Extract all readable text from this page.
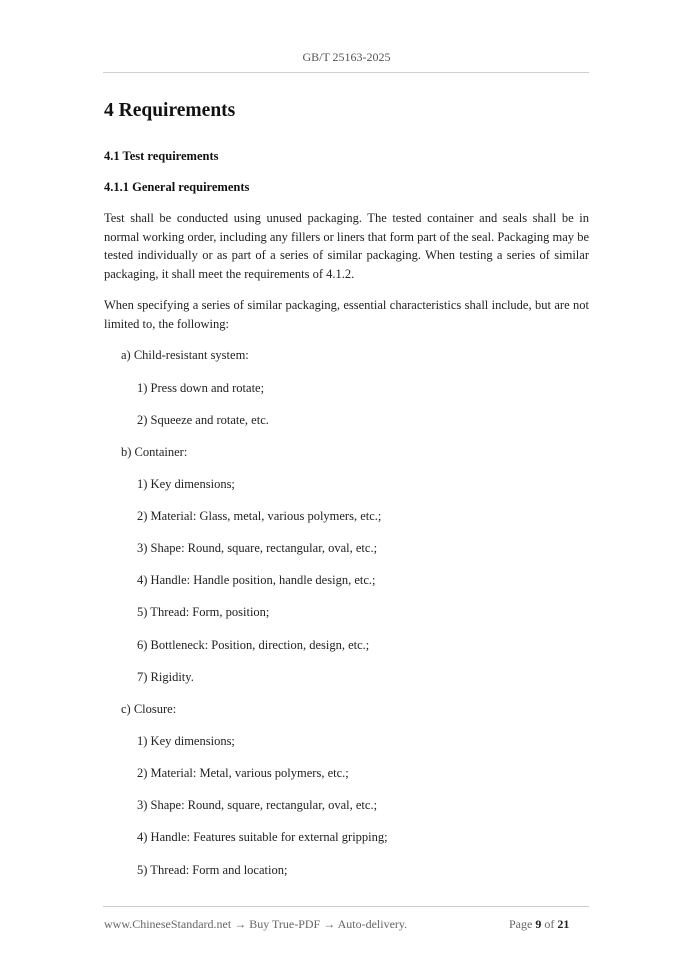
GB/T 25163-2025
4 Requirements
4.1 Test requirements
4.1.1 General requirements

Test shall be conducted using unused packaging. The tested container and seals shall be in normal working order, including any fillers or liners that form part of the seal. Packaging may be tested individually or as part of a series of similar packaging. When testing a series of similar packaging, it shall meet the requirements of 4.1.2.

When specifying a series of similar packaging, essential characteristics shall include, but are not limited to, the following:

a) Child-resistant system:
1) Press down and rotate;
2) Squeeze and rotate, etc.
b) Container:
1) Key dimensions;
2) Material: Glass, metal, various polymers, etc.;
3) Shape: Round, square, rectangular, oval, etc.;
4) Handle: Handle position, handle design, etc.;
5) Thread: Form, position;
6) Bottleneck: Position, direction, design, etc.;
7) Rigidity.
c) Closure:
1) Key dimensions;
2) Material: Metal, various polymers, etc.;
3) Shape: Round, square, rectangular, oval, etc.;
4) Handle: Features suitable for external gripping;
5) Thread: Form and location;
www.ChineseStandard.net → Buy True-PDF → Auto-delivery.	Page 9 of 21
